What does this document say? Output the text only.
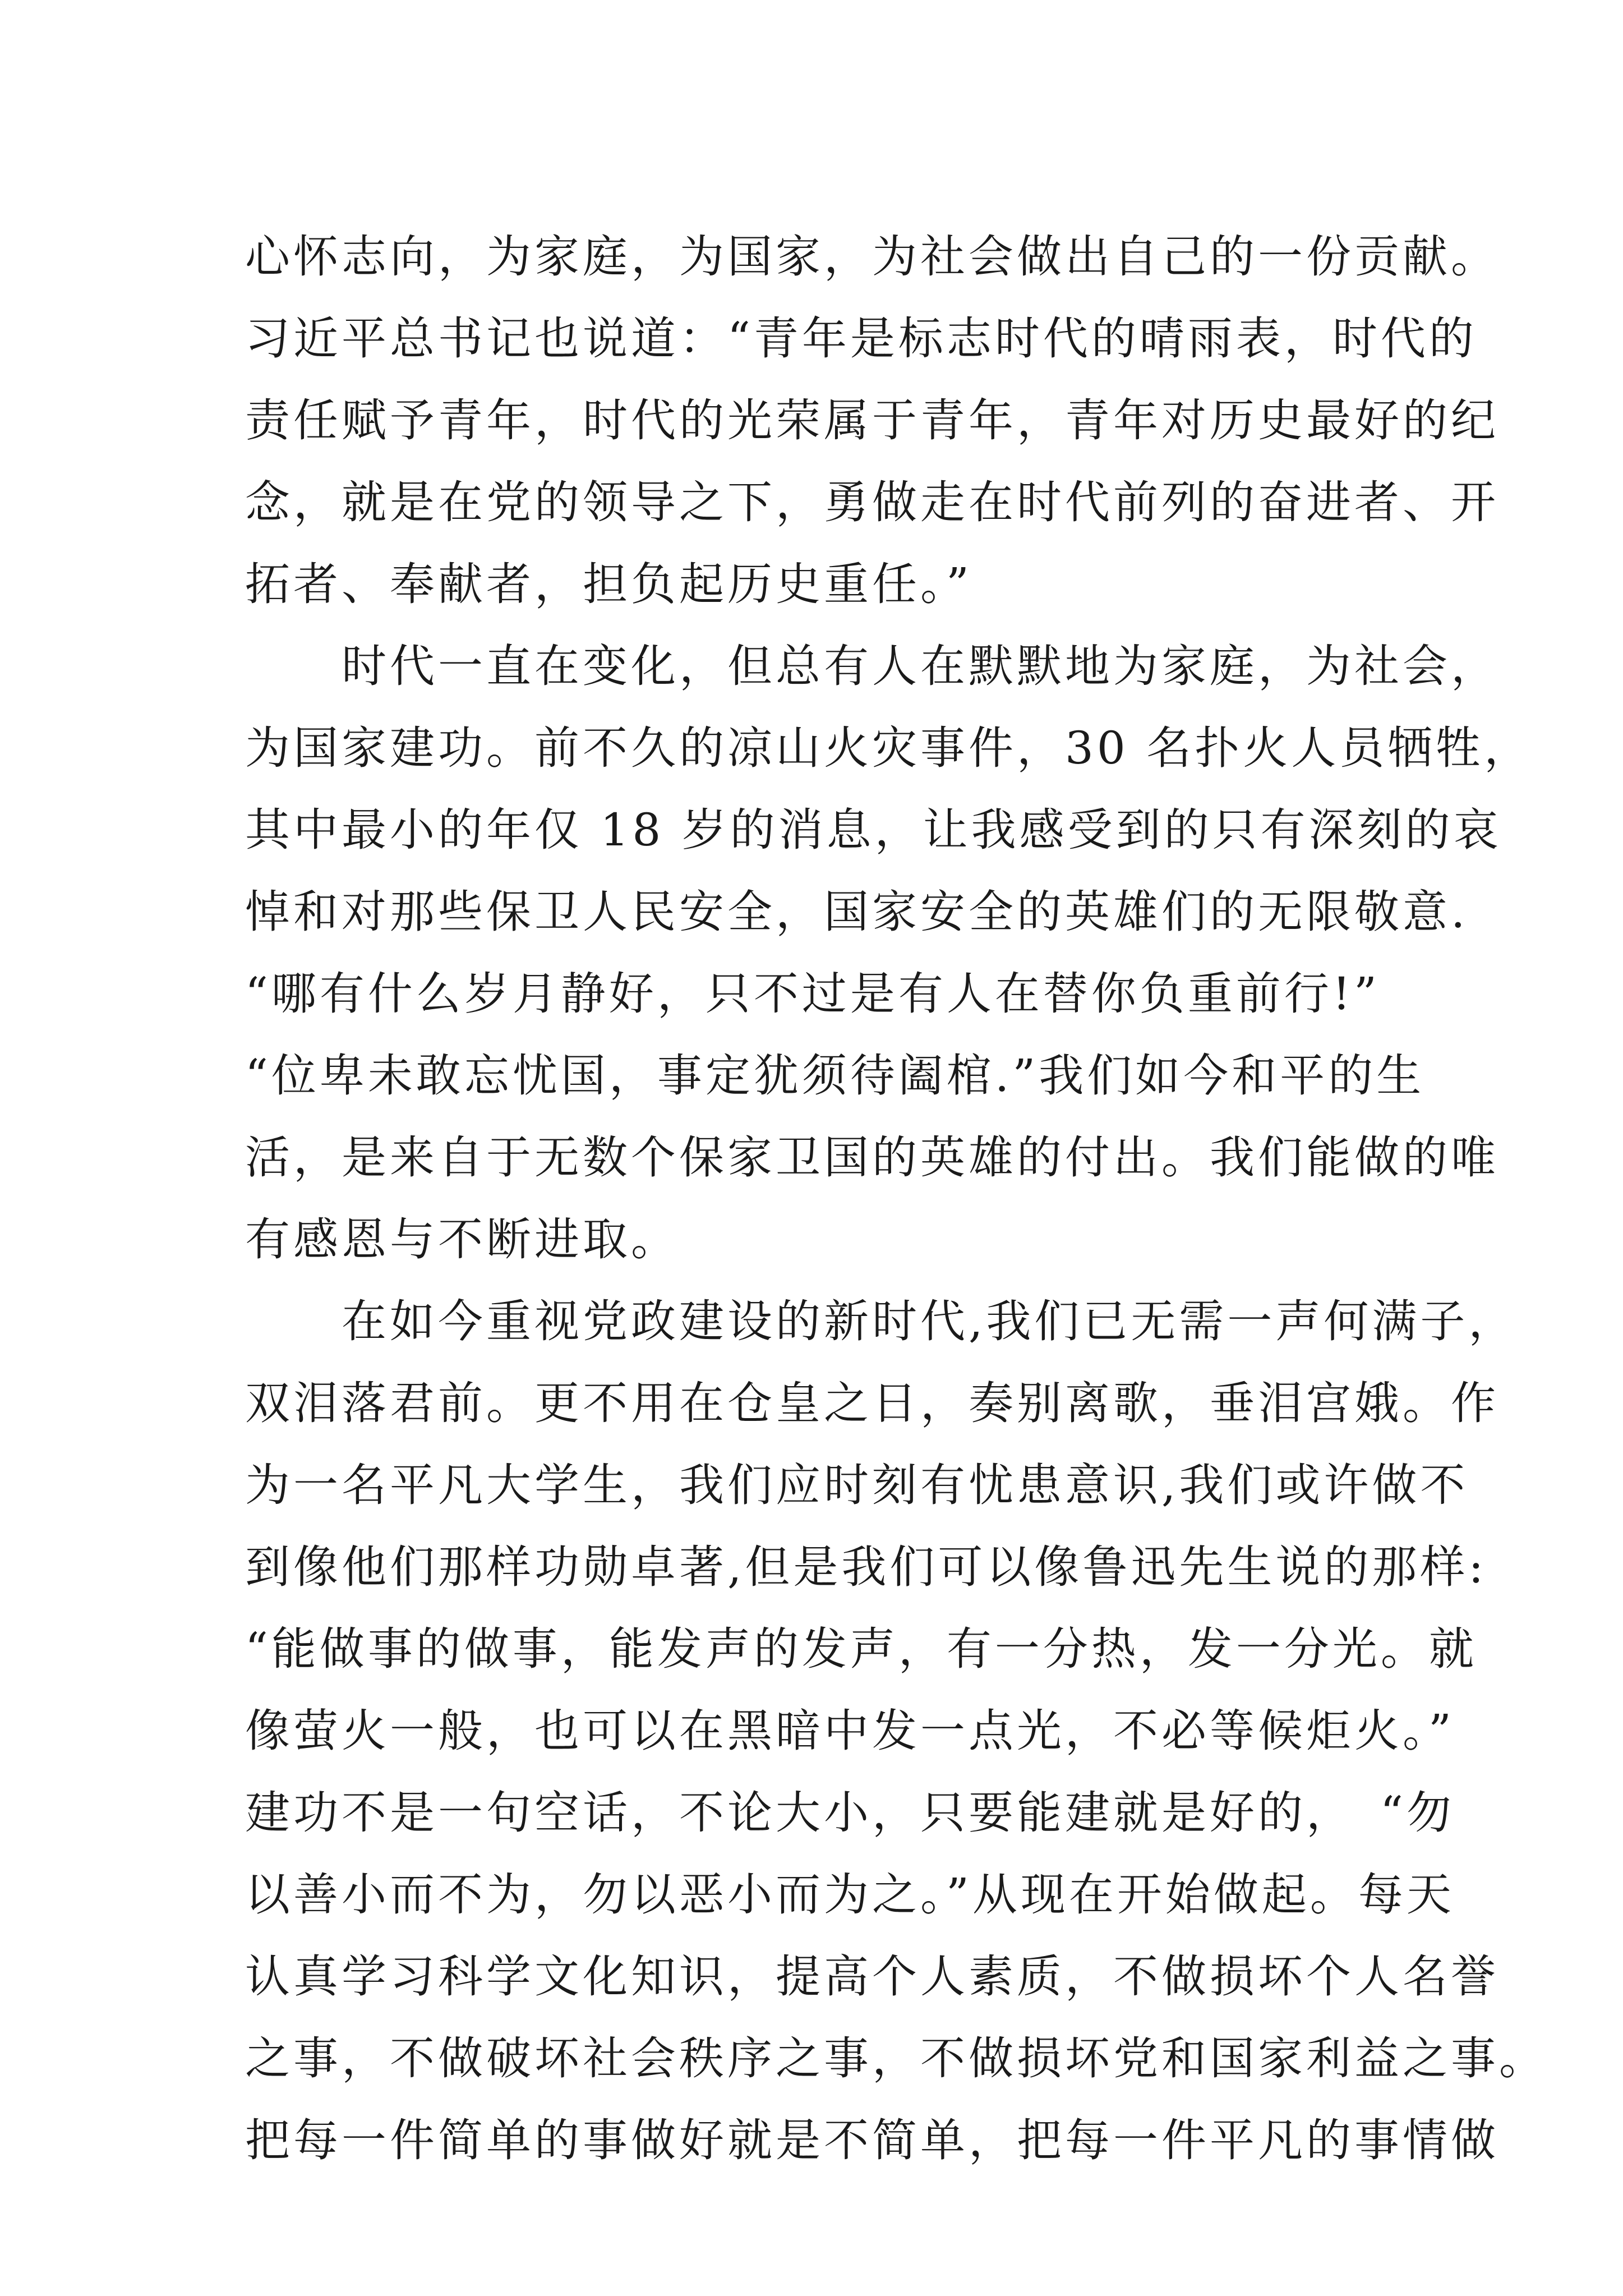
心怀志向，为家庭，为国家，为社会做出自己的一份贡献。
习近平总书记也说道：“青年是标志时代的晴雨表，时代的
责任赋予青年，时代的光荣属于青年，青年对历史最好的纪
念，就是在党的领导之下，勇做走在时代前列的奋进者、开
拓者、奉献者，担负起历史重任。”
　　时代一直在变化，但总有人在默默地为家庭，为社会，
为国家建功。前不久的凉山火灾事件，30 名扑火人员牺牲，
其中最小的年仅 18 岁的消息，让我感受到的只有深刻的哀
悼和对那些保卫人民安全，国家安全的英雄们的无限敬意.
“哪有什么岁月静好，只不过是有人在替你负重前行!”
“位卑未敢忘忧国，事定犹须待阖棺.”我们如今和平的生
活，是来自于无数个保家卫国的英雄的付出。我们能做的唯
有感恩与不断进取。
　　在如今重视党政建设的新时代,我们已无需一声何满子，
双泪落君前。更不用在仓皇之日，奏别离歌，垂泪宫娥。作
为一名平凡大学生，我们应时刻有忧患意识,我们或许做不
到像他们那样功勋卓著,但是我们可以像鲁迅先生说的那样:
“能做事的做事，能发声的发声，有一分热，发一分光。就
像萤火一般，也可以在黑暗中发一点光，不必等候炬火。”
建功不是一句空话，不论大小，只要能建就是好的，　“勿
以善小而不为，勿以恶小而为之。”从现在开始做起。每天
认真学习科学文化知识，提高个人素质，不做损坏个人名誉
之事，不做破坏社会秩序之事，不做损坏党和国家利益之事。
把每一件简单的事做好就是不简单，把每一件平凡的事情做
